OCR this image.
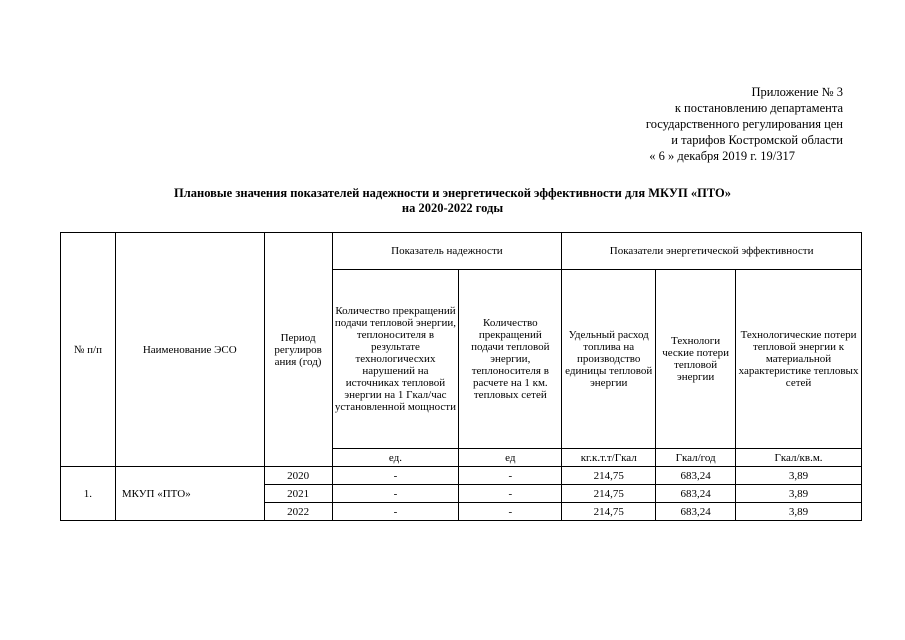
Приложение № 3
к постановлению департамента
государственного регулирования цен
и тарифов Костромской области
« 6 » декабря 2019 г. 19/317
Плановые значения показателей надежности и энергетической эффективности для МКУП «ПТО»
на 2020-2022 годы
№ п/п	Наименование ЭСО	Период регулиров ания (год)	Показатель надежности		Показатели энергетической эффективности		
			Количество прекращений подачи тепловой энергии, теплоносителя в результате технологичесхих нарушений на источниках тепловой энергии на 1 Гкал/час установленной мощности	Количество прекращений подачи тепловой энергии, теплоносителя в расчете на 1 км. тепловых сетей	Удельный расход топлива на производство единицы тепловой энергии	Технологи ческие потери тепловой энергии	Технологические потери тепловой энергии к материальной характеристике тепловых сетей
			ед.	ед	кг.к.т.т/Гкал	Гкал/год	Гкал/кв.м.
1.	МКУП «ПТО»	2020	-	-	214,75	683,24	3,89
		2021	-	-	214,75	683,24	3,89
		2022	-	-	214,75	683,24	3,89
